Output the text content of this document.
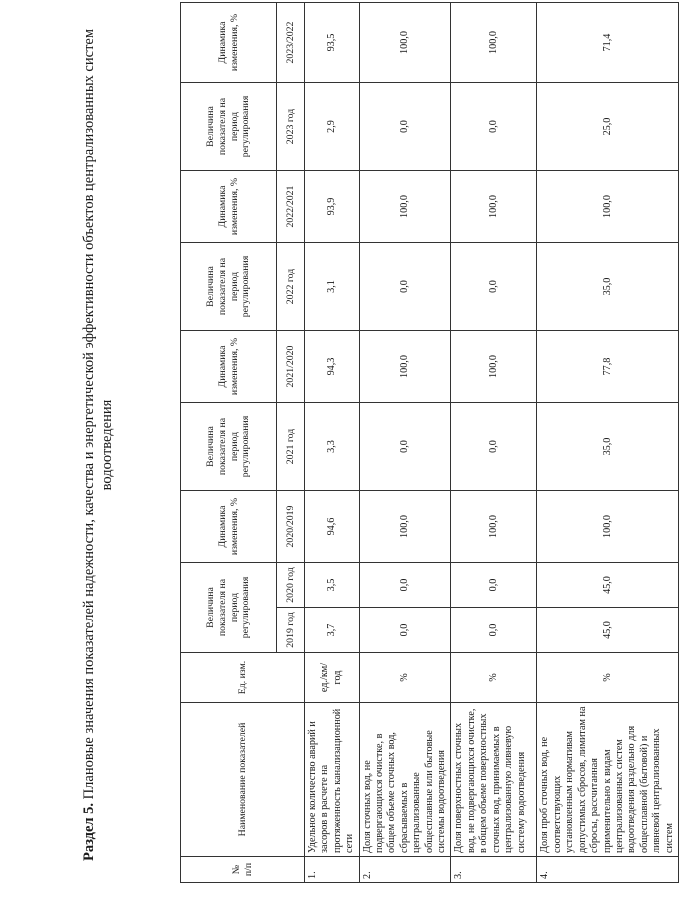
Раздел 5. Плановые значения показателей надежности, качества и энергетической эффективности объектов централизованных систем водоотведения
№ п/п	Наименование показателей	Ед. изм.	Величина показателя на период регулирования		Динамика изменения, %	Величина показателя на период регулирования	Динамика изменения, %	Величина показателя на период регулирования	Динамика изменения, %	Величина показателя на период регулирования	Динамика изменения, %
			2019 год	2020 год	2020/2019	2021 год	2021/2020	2022 год	2022/2021	2023 год	2023/2022
1.	Удельное количество аварий и засоров в расчете на протяженность канализационной сети	ед./км/год	3,7	3,5	94,6	3,3	94,3	3,1	93,9	2,9	93,5
2.	Доля сточных вод, не подвергающихся очистке, в общем объеме сточных вод, сбрасываемых в централизованные общесплавные или бытовые системы водоотведения	%	0,0	0,0	100,0	0,0	100,0	0,0	100,0	0,0	100,0
3.	Доля поверхностных сточных вод, не подвергающихся очистке, в общем объеме поверхностных сточных вод, принимаемых в централизованную ливневую систему водоотведения	%	0,0	0,0	100,0	0,0	100,0	0,0	100,0	0,0	100,0
4.	Доля проб сточных вод, не соответствующих установленным нормативам допустимых сбросов, лимитам на сбросы, рассчитанная применительно к видам централизованных систем водоотведения раздельно для общесплавной (бытовой) и ливневой централизованных систем	%	45,0	45,0	100,0	35,0	77,8	35,0	100,0	25,0	71,4
